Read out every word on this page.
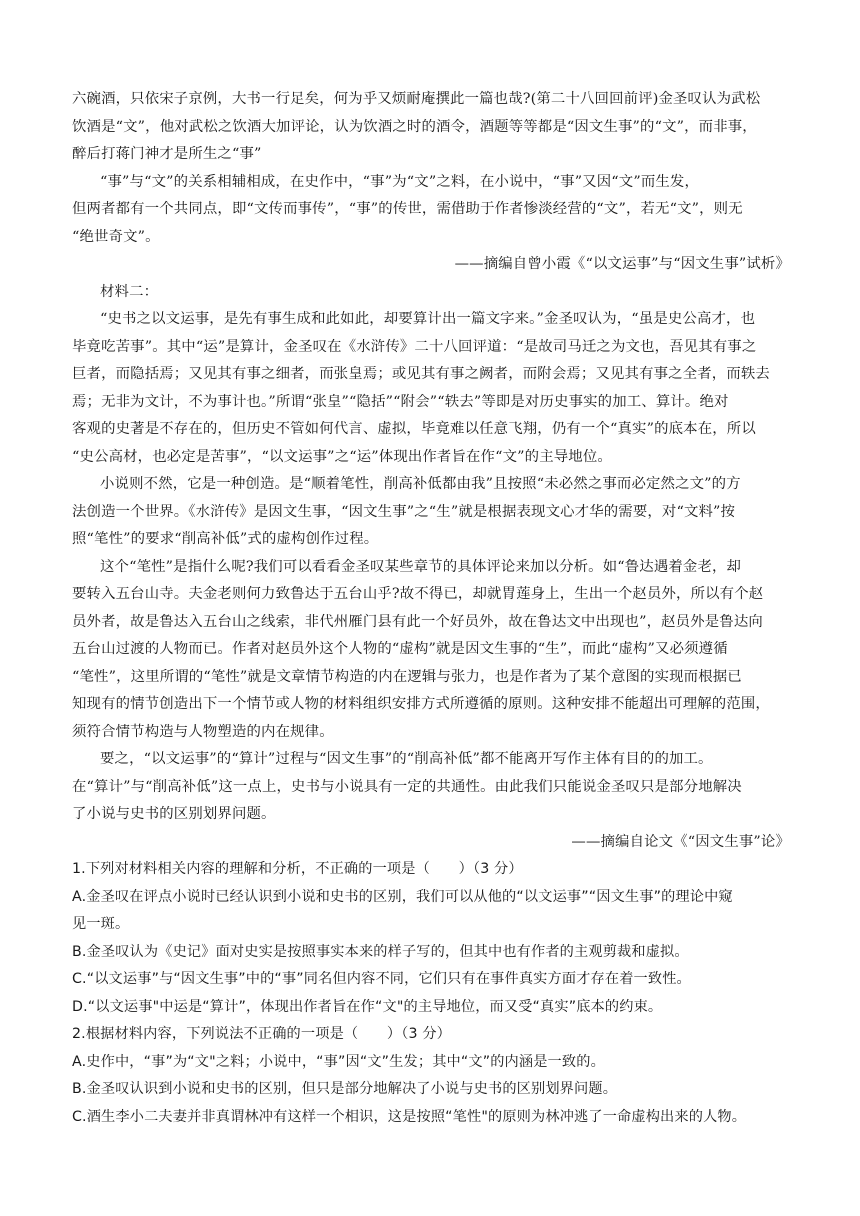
六碗酒，只依宋子京例，大书一行足矣，何为乎又烦耐庵撰此一篇也哉?(第二十八回回前评)金圣叹认为武松
饮酒是“文”，他对武松之饮酒大加评论，认为饮酒之时的酒令，酒题等等都是“因文生事”的“文”，而非事，
醉后打蒋门神才是所生之“事”
“事”与“文”的关系相辅相成，在史作中，“事”为“文”之料，在小说中，“事”又因“文”而生发，
但两者都有一个共同点，即“文传而事传”，“事”的传世，需借助于作者惨淡经营的“文”，若无“文”，则无
“绝世奇文”。
——摘编自曾小霞《“以文运事”与“因文生事”试析》
材料二：
“史书之以文运事，是先有事生成和此如此，却要算计出一篇文字来。”金圣叹认为，“虽是史公高才，也
毕竟吃苦事”。其中“运”是算计，金圣叹在《水浒传》二十八回评道：“是故司马迁之为文也，吾见其有事之
巨者，而隐括焉；又见其有事之细者，而张皇焉；或见其有事之阙者，而附会焉；又见其有事之全者，而轶去
焉；无非为文计，不为事计也。”所谓“张皇”“隐括”“附会”“轶去”等即是对历史事实的加工、算计。绝对
客观的史著是不存在的，但历史不管如何代言、虚拟，毕竟难以任意飞翔，仍有一个“真实”的底本在，所以
“史公高材，也必定是苦事”，“以文运事”之“运”体现出作者旨在作“文”的主导地位。
小说则不然，它是一种创造。是“顺着笔性，削高补低都由我”且按照“未必然之事而必定然之文”的方
法创造一个世界。《水浒传》是因文生事，“因文生事”之“生”就是根据表现文心才华的需要，对“文料”按
照“笔性”的要求“削高补低”式的虚构创作过程。
这个“笔性”是指什么呢?我们可以看看金圣叹某些章节的具体评论来加以分析。如“鲁达遇着金老，却
要转入五台山寺。夫金老则何力致鲁达于五台山乎?故不得已，却就胃莲身上，生出一个赵员外，所以有个赵
员外者，故是鲁达入五台山之线索，非代州雁门县有此一个好员外，故在鲁达文中出现也”，赵员外是鲁达向
五台山过渡的人物而已。作者对赵员外这个人物的“虚构”就是因文生事的“生”，而此“虚构”又必须遵循
“笔性”，这里所谓的“笔性”就是文章情节构造的内在逻辑与张力，也是作者为了某个意图的实现而根据已
知现有的情节创造出下一个情节或人物的材料组织安排方式所遵循的原则。这种安排不能超出可理解的范围，
须符合情节构造与人物塑造的内在规律。
要之，“以文运事”的“算计”过程与“因文生事”的“削高补低”都不能离开写作主体有目的的加工。
在“算计”与“削高补低”这一点上，史书与小说具有一定的共通性。由此我们只能说金圣叹只是部分地解决
了小说与史书的区别划界问题。
——摘编自论文《“因文生事”论》
1.下列对材料相关内容的理解和分析，不正确的一项是（　　）（3 分）
A.金圣叹在评点小说时已经认识到小说和史书的区别，我们可以从他的“以文运事”“因文生事”的理论中窥
见一斑。
B.金圣叹认为《史记》面对史实是按照事实本来的样子写的，但其中也有作者的主观剪裁和虚拟。
C.“以文运事”与“因文生事”中的“事”同名但内容不同，它们只有在事件真实方面才存在着一致性。
D.“以文运事"中运是“算计”，体现出作者旨在作“文"的主导地位，而又受“真实”底本的约束。
2.根据材料内容，下列说法不正确的一项是（　　）（3 分）
A.史作中，“事”为“文"之料；小说中，“事”因“文”生发；其中“文”的内涵是一致的。
B.金圣叹认识到小说和史书的区别，但只是部分地解决了小说与史书的区别划界问题。
C.酒生李小二夫妻并非真谓林冲有这样一个相识，这是按照“笔性"的原则为林冲逃了一命虚构出来的人物。
